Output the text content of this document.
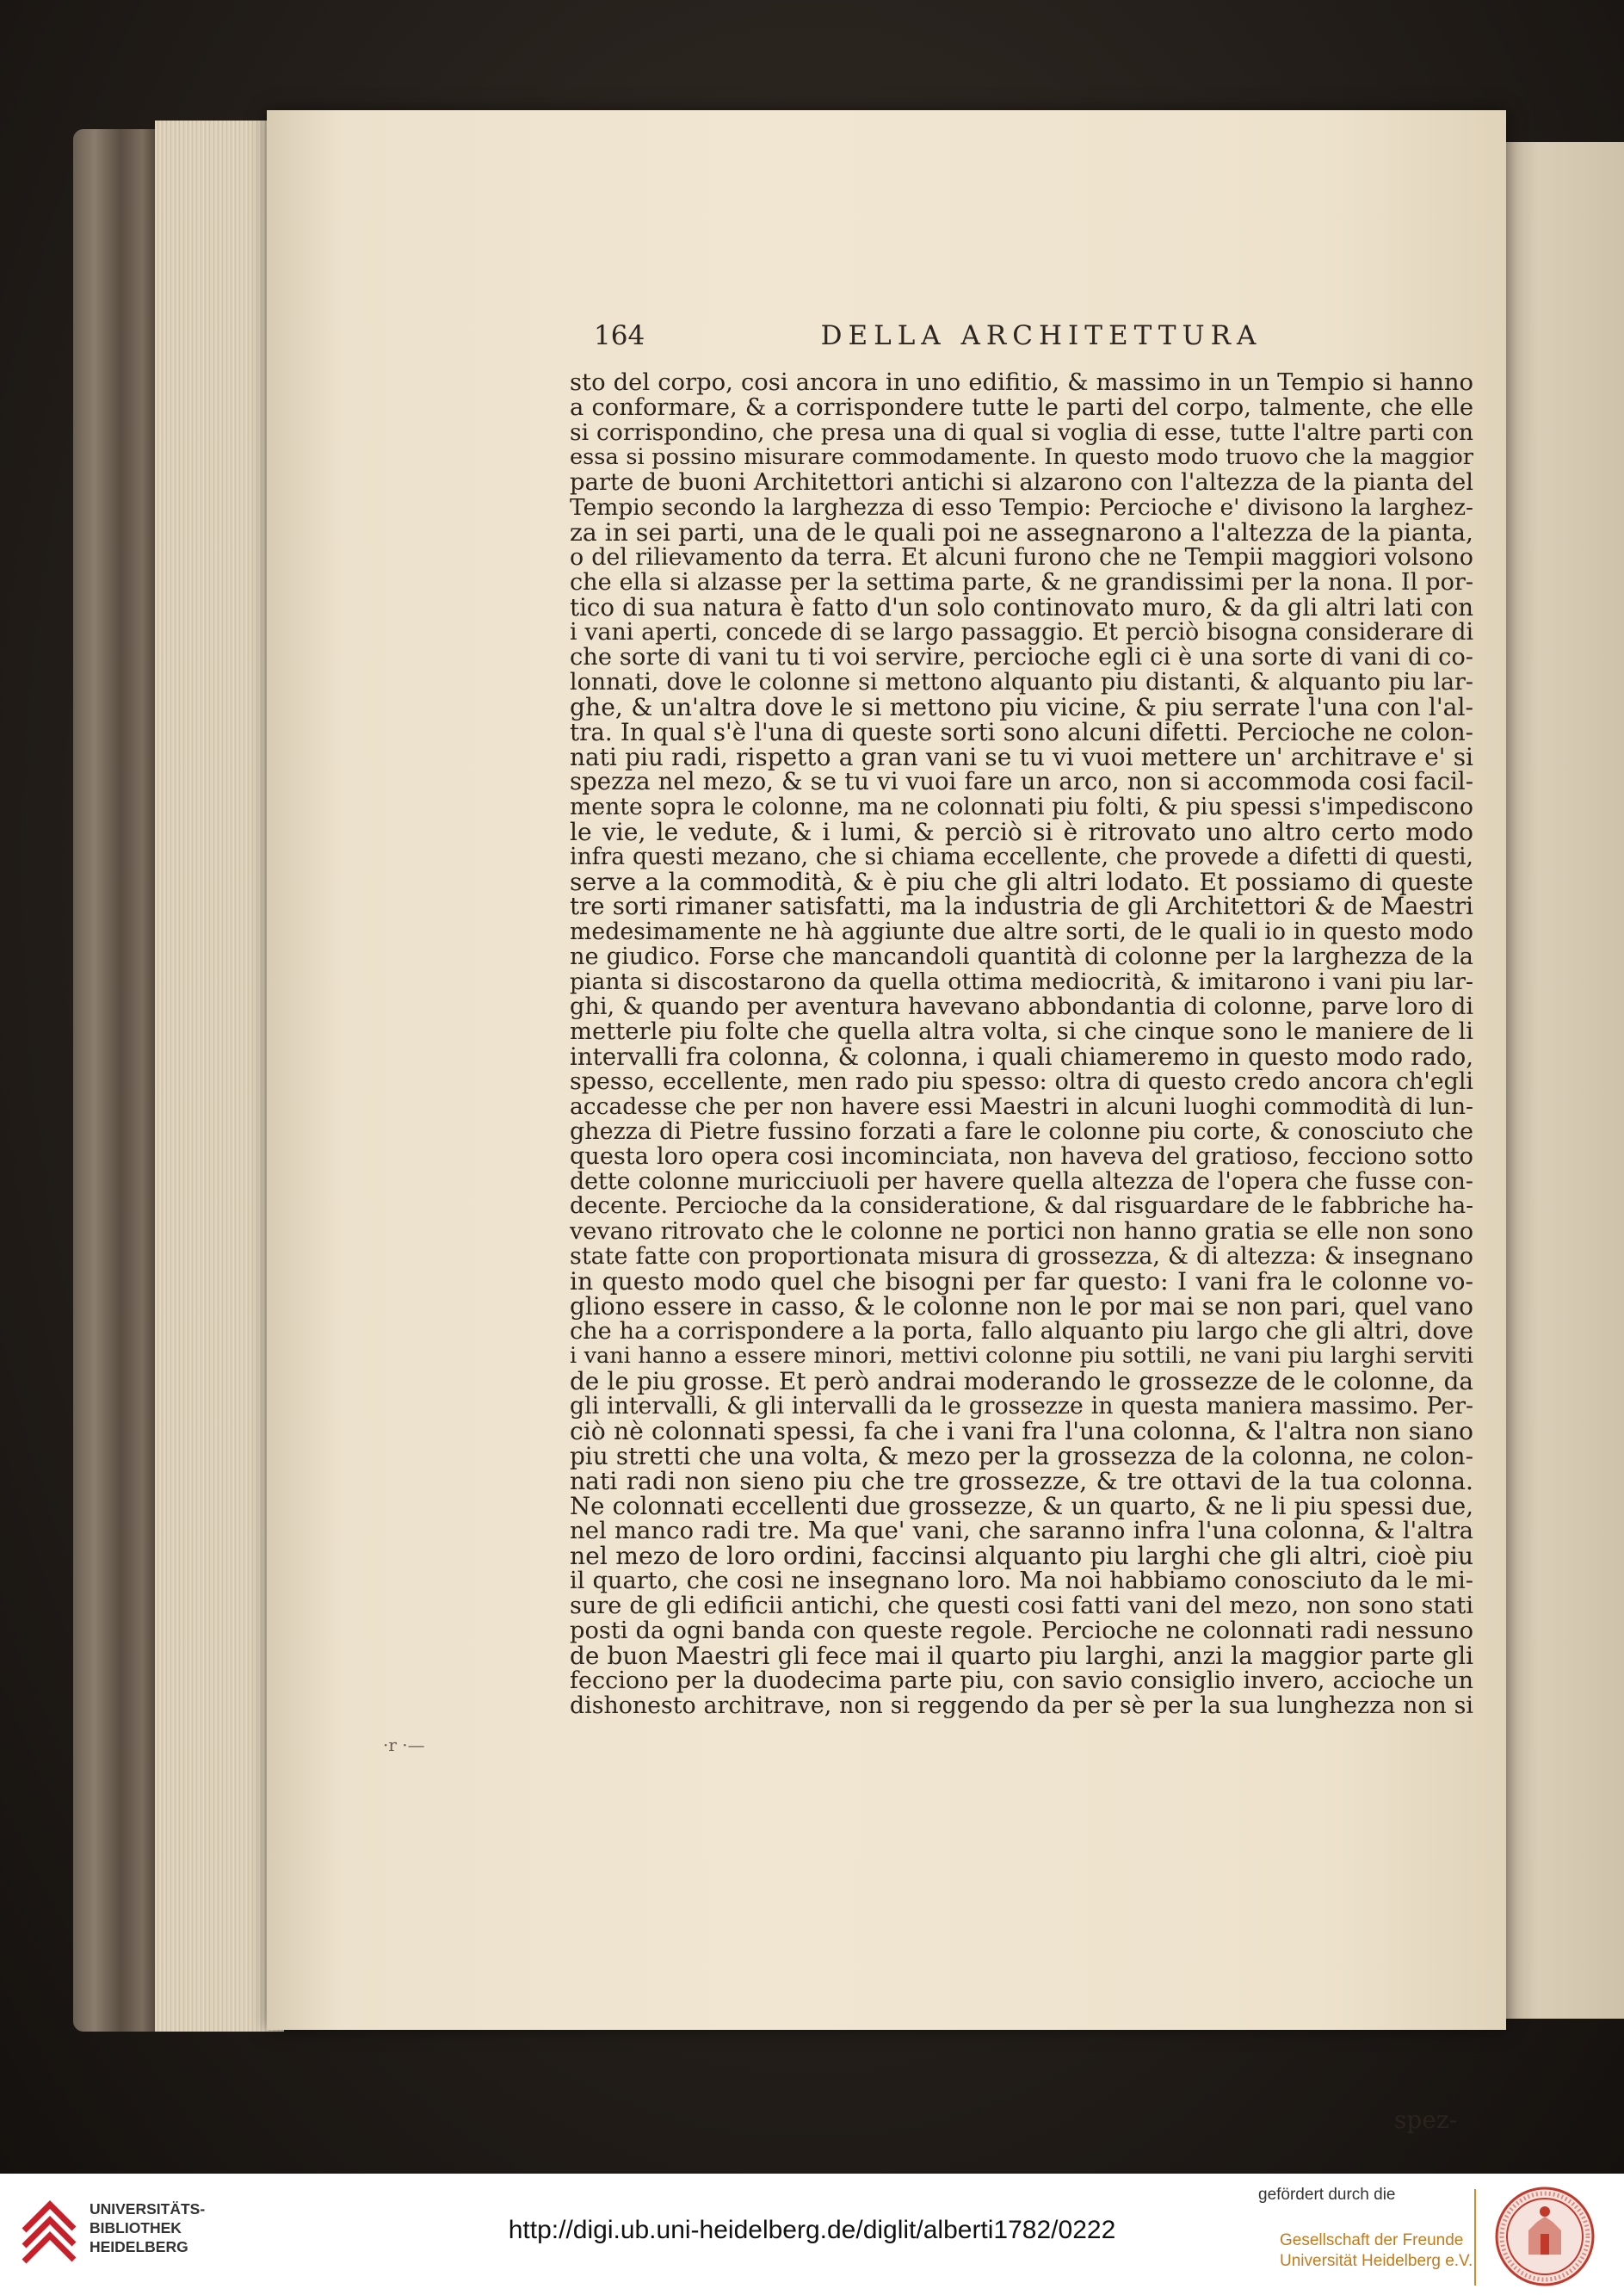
164	DELLA ARCHITETTURA
sto del corpo, cosi ancora in uno edifitio, & massimo in un Tempio si hanno
a conformare, & a corrispondere tutte le parti del corpo, talmente, che elle
si corrispondino, che presa una di qual si voglia di esse, tutte l'altre parti con
essa si possino misurare commodamente. In questo modo truovo che la maggior
parte de buoni Architettori antichi si alzarono con l'altezza de la pianta del
Tempio secondo la larghezza di esso Tempio: Percioche e' divisono la larghez-
za in sei parti, una de le quali poi ne assegnarono a l'altezza de la pianta,
o del rilievamento da terra. Et alcuni furono che ne Tempii maggiori volsono
che ella si alzasse per la settima parte, & ne grandissimi per la nona. Il por-
tico di sua natura è fatto d'un solo continovato muro, & da gli altri lati con
i vani aperti, concede di se largo passaggio. Et perciò bisogna considerare di
che sorte di vani tu ti voi servire, percioche egli ci è una sorte di vani di co-
lonnati, dove le colonne si mettono alquanto piu distanti, & alquanto piu lar-
ghe, & un'altra dove le si mettono piu vicine, & piu serrate l'una con l'al-
tra. In qual s'è l'una di queste sorti sono alcuni difetti. Percioche ne colon-
nati piu radi, rispetto a gran vani se tu vi vuoi mettere un' architrave e' si
spezza nel mezo, & se tu vi vuoi fare un arco, non si accommoda cosi facil-
mente sopra le colonne, ma ne colonnati piu folti, & piu spessi s'impediscono
le vie, le vedute, & i lumi, & perciò si è ritrovato uno altro certo modo
infra questi mezano, che si chiama eccellente, che provede a difetti di questi,
serve a la commodità, & è piu che gli altri lodato. Et possiamo di queste
tre sorti rimaner satisfatti, ma la industria de gli Architettori & de Maestri
medesimamente ne hà aggiunte due altre sorti, de le quali io in questo modo
ne giudico. Forse che mancandoli quantità di colonne per la larghezza de la
pianta si discostarono da quella ottima mediocrità, & imitarono i vani piu lar-
ghi, & quando per aventura havevano abbondantia di colonne, parve loro di
metterle piu folte che quella altra volta, si che cinque sono le maniere de li
intervalli fra colonna, & colonna, i quali chiameremo in questo modo rado,
spesso, eccellente, men rado piu spesso: oltra di questo credo ancora ch'egli
accadesse che per non havere essi Maestri in alcuni luoghi commodità di lun-
ghezza di Pietre fussino forzati a fare le colonne piu corte, & conosciuto che
questa loro opera cosi incominciata, non haveva del gratioso, fecciono sotto
dette colonne muricciuoli per havere quella altezza de l'opera che fusse con-
decente. Percioche da la consideratione, & dal risguardare de le fabbriche ha-
vevano ritrovato che le colonne ne portici non hanno gratia se elle non sono
state fatte con proportionata misura di grossezza, & di altezza: & insegnano
in questo modo quel che bisogni per far questo: I vani fra le colonne vo-
gliono essere in casso, & le colonne non le por mai se non pari, quel vano
che ha a corrispondere a la porta, fallo alquanto piu largo che gli altri, dove
i vani hanno a essere minori, mettivi colonne piu sottili, ne vani piu larghi serviti
de le piu grosse. Et però andrai moderando le grossezze de le colonne, da
gli intervalli, & gli intervalli da le grossezze in questa maniera massimo. Per-
ciò nè colonnati spessi, fa che i vani fra l'una colonna, & l'altra non siano
piu stretti che una volta, & mezo per la grossezza de la colonna, ne colon-
nati radi non sieno piu che tre grossezze, & tre ottavi de la tua colonna.
Ne colonnati eccellenti due grossezze, & un quarto, & ne li piu spessi due,
nel manco radi tre. Ma que' vani, che saranno infra l'una colonna, & l'altra
nel mezo de loro ordini, faccinsi alquanto piu larghi che gli altri, cioè piu
il quarto, che cosi ne insegnano loro. Ma noi habbiamo conosciuto da le mi-
sure de gli edificii antichi, che questi cosi fatti vani del mezo, non sono stati
posti da ogni banda con queste regole. Percioche ne colonnati radi nessuno
de buon Maestri gli fece mai il quarto piu larghi, anzi la maggior parte gli
fecciono per la duodecima parte piu, con savio consiglio invero, accioche un
dishonesto architrave, non si reggendo da per sè per la sua lunghezza non si
·r ·—
spez-
UNIVERSITÄTS-
BIBLIOTHEK
HEIDELBERG
http://digi.ub.uni-heidelberg.de/diglit/alberti1782/0222
gefördert durch die
Gesellschaft der Freunde
Universität Heidelberg e.V.
